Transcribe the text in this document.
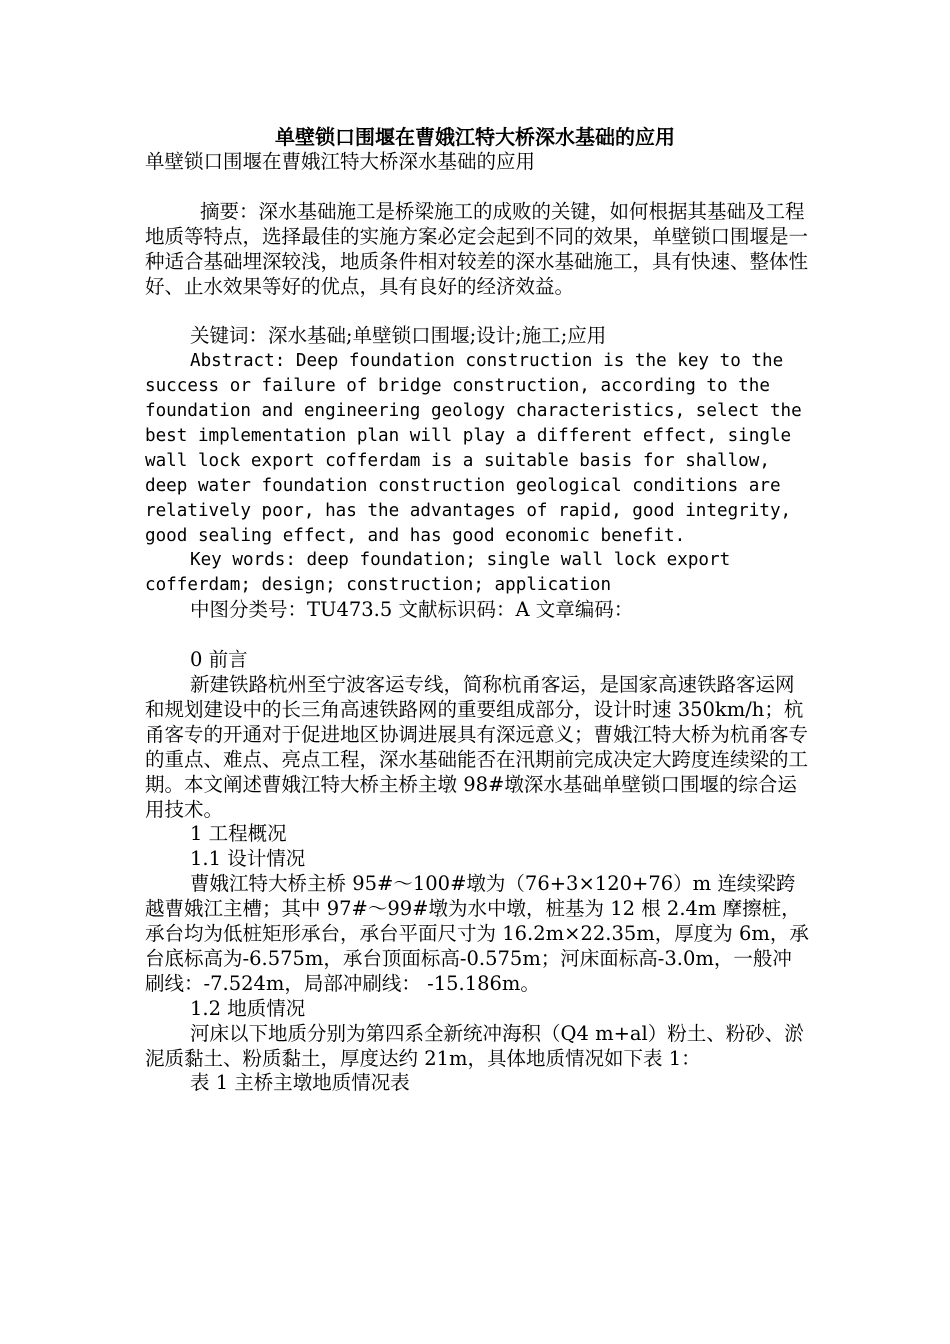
单壁锁口围堰在曹娥江特大桥深水基础的应用

单壁锁口围堰在曹娥江特大桥深水基础的应用

摘要：深水基础施工是桥梁施工的成败的关键，如何根据其基础及工程地质等特点，选择最佳的实施方案必定会起到不同的效果，单壁锁口围堰是一种适合基础埋深较浅，地质条件相对较差的深水基础施工，具有快速、整体性好、止水效果等好的优点，具有良好的经济效益。

关键词：深水基础;单壁锁口围堰;设计;施工;应用

Abstract: Deep foundation construction is the key to the success or failure of bridge construction, according to the foundation and engineering geology characteristics, select the best implementation plan will play a different effect, single wall lock export cofferdam is a suitable basis for shallow, deep water foundation construction geological conditions are relatively poor, has the advantages of rapid, good integrity, good sealing effect, and has good economic benefit.

Key words: deep foundation; single wall lock export cofferdam; design; construction; application

中图分类号：TU473.5 文献标识码：A 文章编码：

0 前言

新建铁路杭州至宁波客运专线，简称杭甬客运，是国家高速铁路客运网和规划建设中的长三角高速铁路网的重要组成部分，设计时速 350km/h；杭甬客专的开通对于促进地区协调进展具有深远意义；曹娥江特大桥为杭甬客专的重点、难点、亮点工程，深水基础能否在汛期前完成决定大跨度连续梁的工期。本文阐述曹娥江特大桥主桥主墩 98#墩深水基础单壁锁口围堰的综合运用技术。

1 工程概况

1.1 设计情况

曹娥江特大桥主桥 95#～100#墩为（76+3×120+76）m 连续梁跨越曹娥江主槽；其中 97#～99#墩为水中墩，桩基为 12 根 2.4m 摩擦桩，承台均为低桩矩形承台，承台平面尺寸为 16.2m×22.35m，厚度为 6m，承台底标高为-6.575m，承台顶面标高-0.575m；河床面标高-3.0m，一般冲刷线：-7.524m，局部冲刷线： -15.186m。

1.2 地质情况

河床以下地质分别为第四系全新统冲海积（Q4 m+al）粉土、粉砂、淤泥质黏土、粉质黏土，厚度达约 21m，具体地质情况如下表 1：

表 1 主桥主墩地质情况表
